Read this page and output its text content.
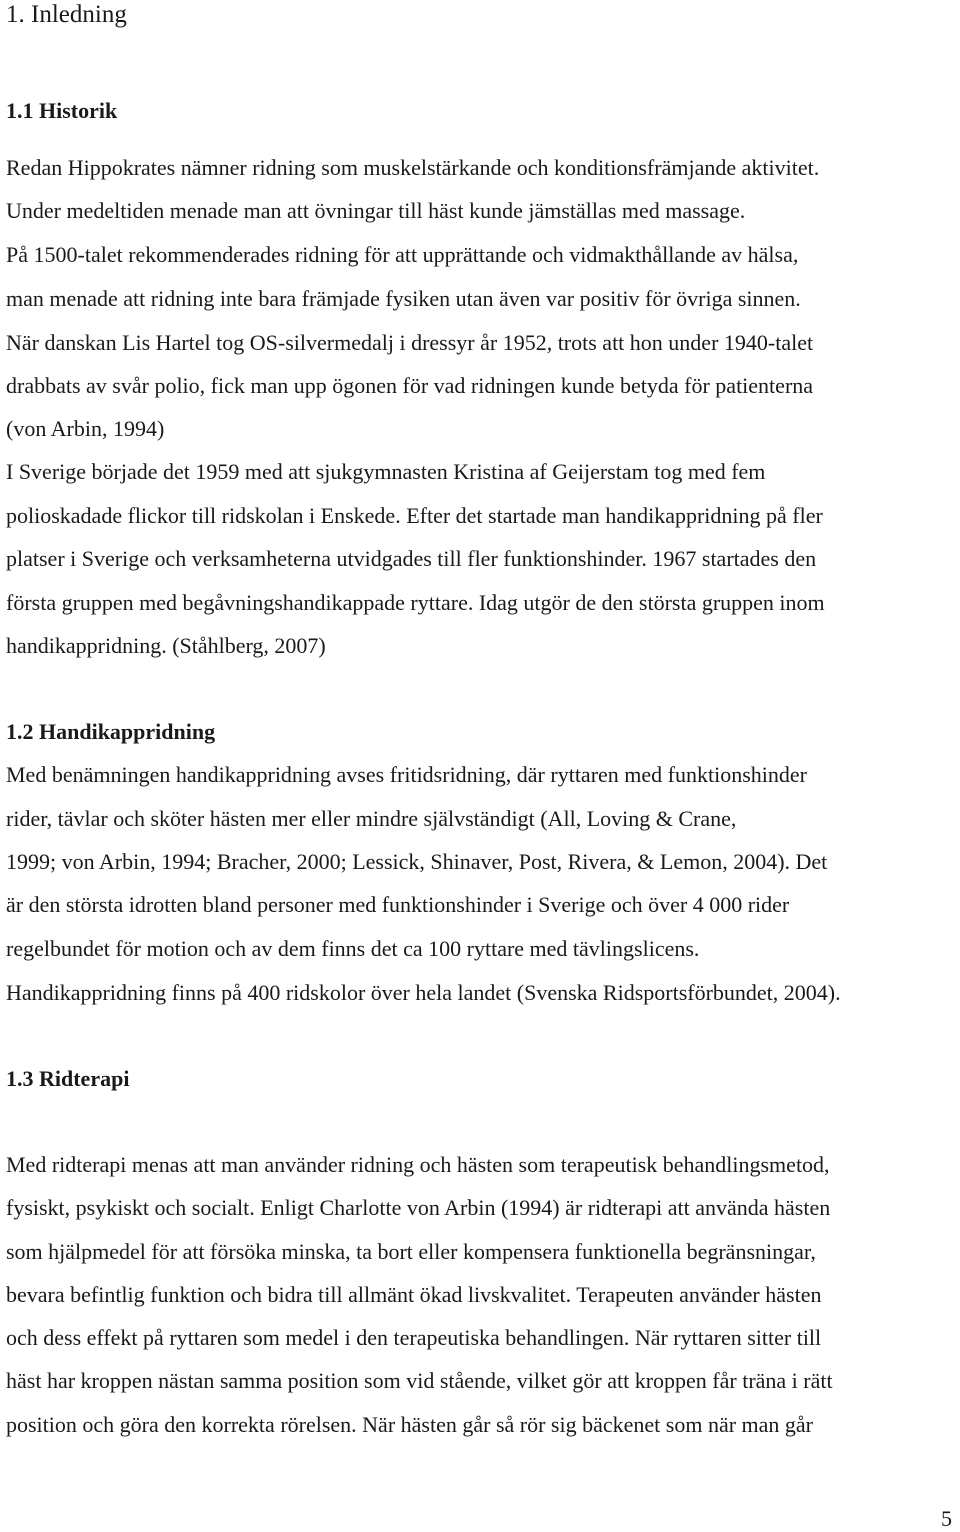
1. Inledning
1.1 Historik
Redan Hippokrates nämner ridning som muskelstärkande och konditionsfrämjande aktivitet.
Under medeltiden menade man att övningar till häst kunde jämställas med massage.
På 1500-talet rekommenderades ridning för att upprättande och vidmakthållande av hälsa,
man menade att ridning inte bara främjade fysiken utan även var positiv för övriga sinnen.
När danskan Lis Hartel tog OS-silvermedalj i dressyr år 1952, trots att hon under 1940-talet
drabbats av svår polio, fick man upp ögonen för vad ridningen kunde betyda för patienterna
(von Arbin, 1994)
I Sverige började det 1959 med att sjukgymnasten Kristina af Geijerstam tog med fem
polioskadade flickor till ridskolan i Enskede. Efter det startade man handikappridning på fler
platser i Sverige och verksamheterna utvidgades till fler funktionshinder. 1967 startades den
första gruppen med begåvningshandikappade ryttare. Idag utgör de den största gruppen inom
handikappridning. (Ståhlberg, 2007)
1.2 Handikappridning
Med benämningen handikappridning avses fritidsridning, där ryttaren med funktionshinder
rider, tävlar och sköter hästen mer eller mindre självständigt (All, Loving & Crane,
1999; von Arbin, 1994; Bracher, 2000; Lessick, Shinaver, Post, Rivera, & Lemon, 2004). Det
är den största idrotten bland personer med funktionshinder i Sverige och över 4 000 rider
regelbundet för motion och av dem finns det ca 100 ryttare med tävlingslicens.
Handikappridning finns på 400 ridskolor över hela landet (Svenska Ridsportsförbundet, 2004).
1.3 Ridterapi
Med ridterapi menas att man använder ridning och hästen som terapeutisk behandlingsmetod,
fysiskt, psykiskt och socialt. Enligt Charlotte von Arbin (1994) är ridterapi att använda hästen
som hjälpmedel för att försöka minska, ta bort eller kompensera funktionella begränsningar,
bevara befintlig funktion och bidra till allmänt ökad livskvalitet. Terapeuten använder hästen
och dess effekt på ryttaren som medel i den terapeutiska behandlingen. När ryttaren sitter till
häst har kroppen nästan samma position som vid stående, vilket gör att kroppen får träna i rätt
position och göra den korrekta rörelsen. När hästen går så rör sig bäckenet som när man går
5
